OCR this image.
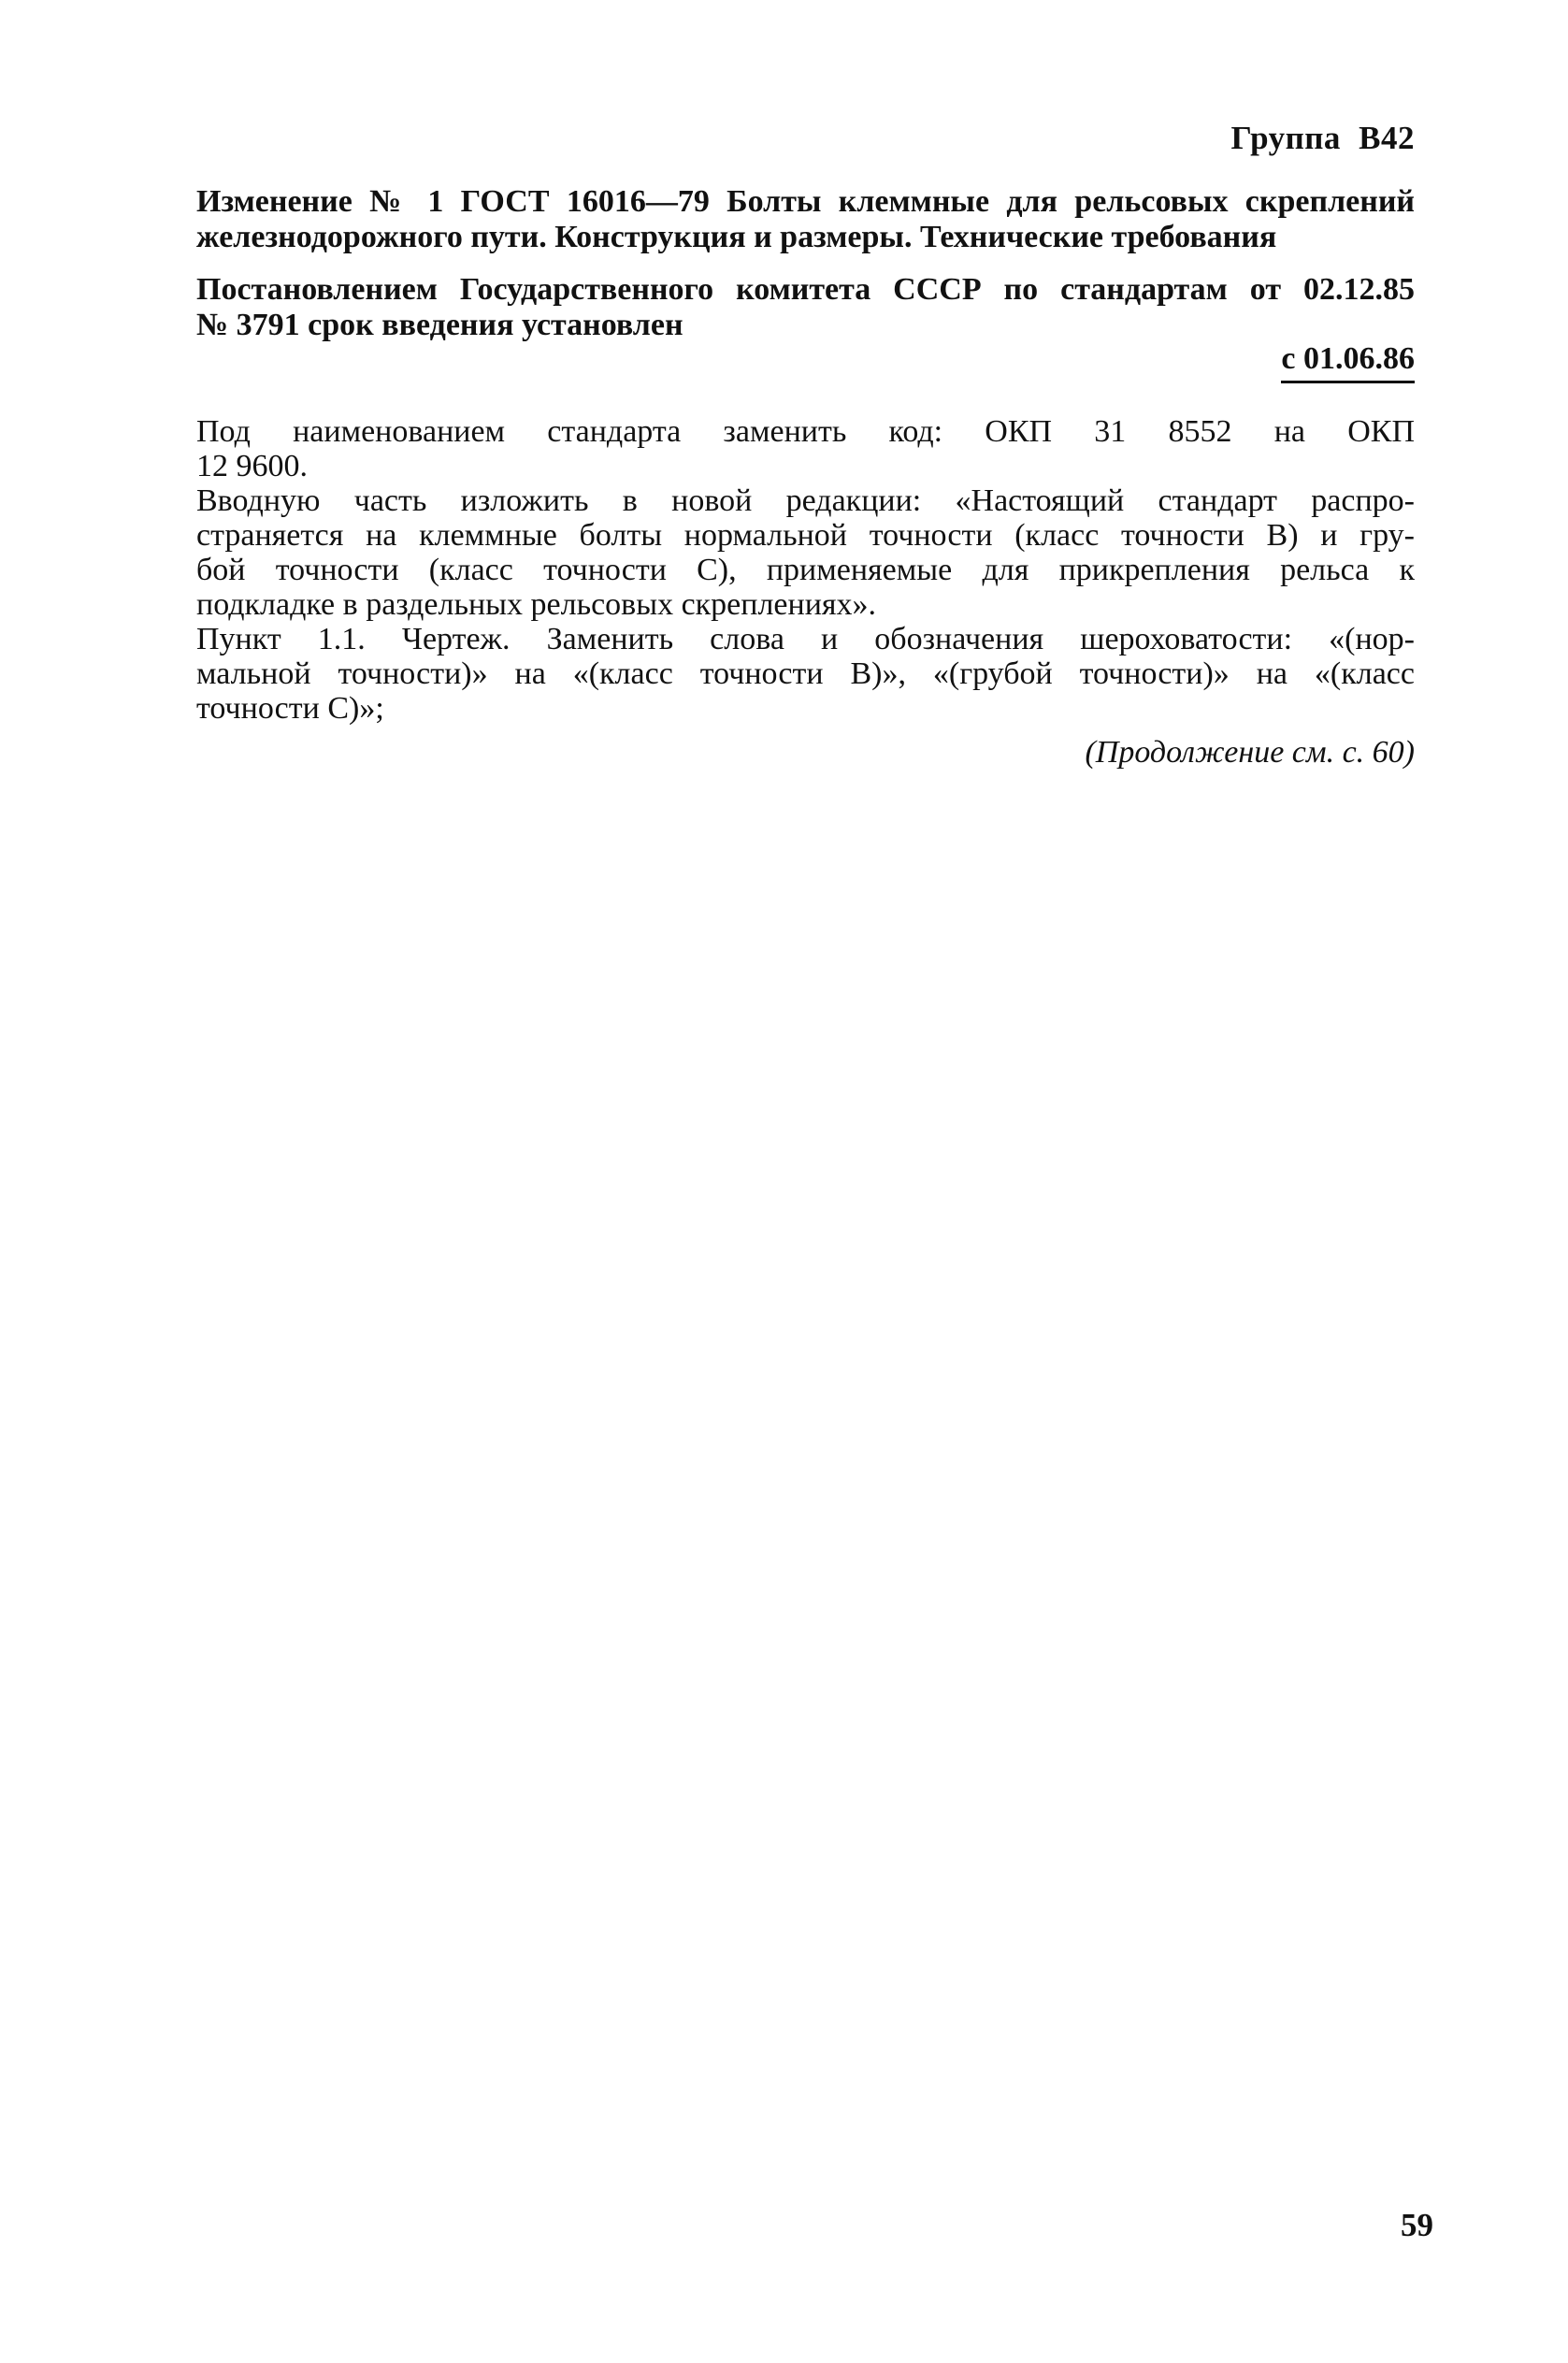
Группа В42
Изменение № 1 ГОСТ 16016—79 Болты клеммные для рельсовых скреплений
железнодорожного пути. Конструкция и размеры. Технические требования
Постановлением Государственного комитета СССР по стандартам от 02.12.85
№ 3791 срок введения установлен
с 01.06.86
Под наименованием стандарта заменить код: ОКП 31 8552 на ОКП
12 9600.
Вводную часть изложить в новой редакции: «Настоящий стандарт распро-
страняется на клеммные болты нормальной точности (класс точности В) и гру-
бой точности (класс точности С), применяемые для прикрепления рельса к
подкладке в раздельных рельсовых скреплениях».
Пункт 1.1. Чертеж. Заменить слова и обозначения шероховатости: «(нор-
мальной точности)» на «(класс точности В)», «(грубой точности)» на «(класс
точности С)»;
(Продолжение см. с. 60)
59
